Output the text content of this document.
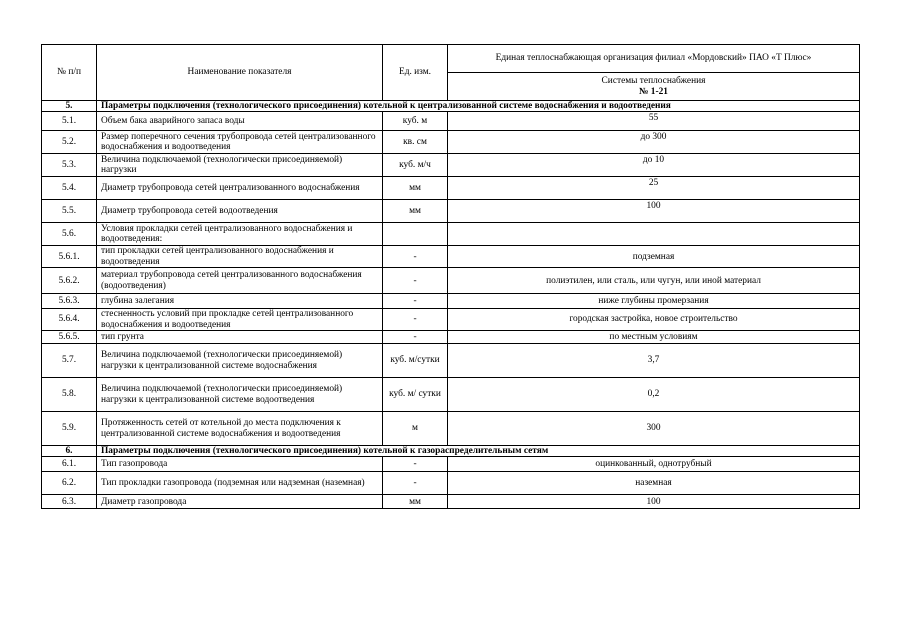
№ п/п	Наименование показателя	Ед. изм.	Единая теплоснабжающая организация филиал «Мордовский» ПАО «Т Плюс»

			Системы теплоснабжения
№ 1-21

5.	Параметры подключения (технологического присоединения) котельной к централизованной системе водоснабжения и водоотведения		
5.1.	Объем бака аварийного запаса воды	куб. м	55
5.2.	Размер поперечного сечения трубопровода сетей централизованного водоснабжения и водоотведения	кв. см	до 300
5.3.	Величина подключаемой (технологически присоединяемой) нагрузки	куб. м/ч	до 10
5.4.	Диаметр трубопровода сетей централизованного водоснабжения	мм	25
5.5.	Диаметр трубопровода сетей водоотведения	мм	100
5.6.	Условия прокладки сетей централизованного водоснабжения и водоотведения:		
5.6.1.	тип прокладки сетей централизованного водоснабжения и водоотведения	-	подземная
5.6.2.	материал трубопровода сетей централизованного водоснабжения (водоотведения)	-	полиэтилен, или сталь, или чугун, или иной материал
5.6.3.	глубина залегания	-	ниже глубины промерзания
5.6.4.	стесненность условий при прокладке сетей централизованного водоснабжения и водоотведения	-	городская застройка, новое строительство
5.6.5.	тип грунта	-	по местным условиям
5.7.	Величина подключаемой (технологически присоединяемой) нагрузки к централизованной системе водоснабжения	куб. м/сутки	3,7
5.8.	Величина подключаемой (технологически присоединяемой) нагрузки к централизованной системе водоотведения	куб. м/ сутки	0,2
5.9.	Протяженность сетей от котельной до места подключения к централизованной системе водоснабжения и водоотведения	м	300
6.	Параметры подключения (технологического присоединения) котельной к газораспределительным сетям		
6.1.	Тип газопровода	-	оцинкованный, однотрубный
6.2.	Тип прокладки газопровода (подземная или надземная (наземная)	-	наземная
6.3.	Диаметр газопровода	мм	100
